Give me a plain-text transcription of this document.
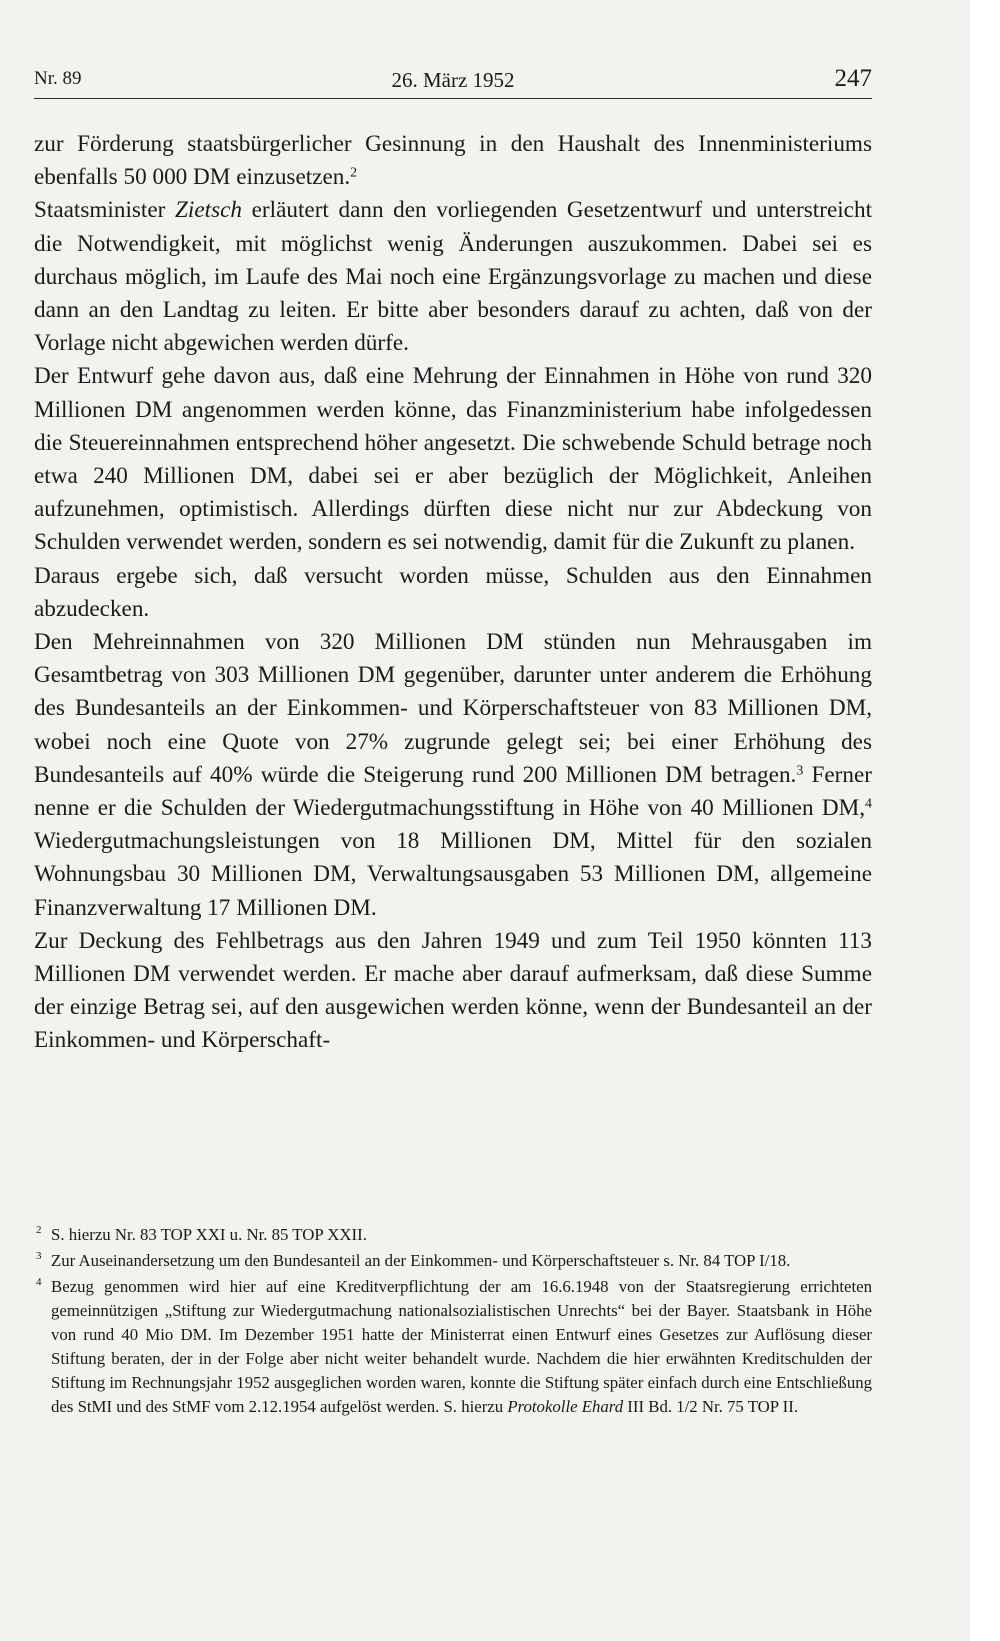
Nr. 89	26. März 1952	247

zur Förderung staatsbürgerlicher Gesinnung in den Haushalt des Innenministeriums ebenfalls 50 000 DM einzusetzen.$^2$

Staatsminister Zietsch erläutert dann den vorliegenden Gesetzentwurf und unterstreicht die Notwendigkeit, mit möglichst wenig Änderungen auszukommen. Dabei sei es durchaus möglich, im Laufe des Mai noch eine Ergänzungsvorlage zu machen und diese dann an den Landtag zu leiten. Er bitte aber besonders darauf zu achten, daß von der Vorlage nicht abgewichen werden dürfe.

Der Entwurf gehe davon aus, daß eine Mehrung der Einnahmen in Höhe von rund 320 Millionen DM angenommen werden könne, das Finanzministerium habe infolgedessen die Steuereinnahmen entsprechend höher angesetzt. Die schwebende Schuld betrage noch etwa 240 Millionen DM, dabei sei er aber bezüglich der Möglichkeit, Anleihen aufzunehmen, optimistisch. Allerdings dürften diese nicht nur zur Abdeckung von Schulden verwendet werden, sondern es sei notwendig, damit für die Zukunft zu planen.

Daraus ergebe sich, daß versucht worden müsse, Schulden aus den Einnahmen abzudecken.

Den Mehreinnahmen von 320 Millionen DM stünden nun Mehrausgaben im Gesamtbetrag von 303 Millionen DM gegenüber, darunter unter anderem die Erhöhung des Bundesanteils an der Einkommen- und Körperschaftsteuer von 83 Millionen DM, wobei noch eine Quote von 27% zugrunde gelegt sei; bei einer Erhöhung des Bundesanteils auf 40% würde die Steigerung rund 200 Millionen DM betragen.$^3$ Ferner nenne er die Schulden der Wiedergutmachungsstiftung in Höhe von 40 Millionen DM,$^4$ Wiedergutmachungsleistungen von 18 Millionen DM, Mittel für den sozialen Wohnungsbau 30 Millionen DM, Verwaltungsausgaben 53 Millionen DM, allgemeine Finanzverwaltung 17 Millionen DM.

Zur Deckung des Fehlbetrags aus den Jahren 1949 und zum Teil 1950 könnten 113 Millionen DM verwendet werden. Er mache aber darauf aufmerksam, daß diese Summe der einzige Betrag sei, auf den ausgewichen werden könne, wenn der Bundesanteil an der Einkommen- und Körperschaft-

2 S. hierzu Nr. 83 TOP XXI u. Nr. 85 TOP XXII.
3 Zur Auseinandersetzung um den Bundesanteil an der Einkommen- und Körperschaftsteuer s. Nr. 84 TOP I/18.
4 Bezug genommen wird hier auf eine Kreditverpflichtung der am 16.6.1948 von der Staatsregierung errichteten gemeinnützigen „Stiftung zur Wiedergutmachung nationalsozialistischen Unrechts“ bei der Bayer. Staatsbank in Höhe von rund 40 Mio DM. Im Dezember 1951 hatte der Ministerrat einen Entwurf eines Gesetzes zur Auflösung dieser Stiftung beraten, der in der Folge aber nicht weiter behandelt wurde. Nachdem die hier erwähnten Kreditschulden der Stiftung im Rechnungsjahr 1952 ausgeglichen worden waren, konnte die Stiftung später einfach durch eine Entschließung des StMI und des StMF vom 2.12.1954 aufgelöst werden. S. hierzu Protokolle Ehard III Bd. 1/2 Nr. 75 TOP II.
